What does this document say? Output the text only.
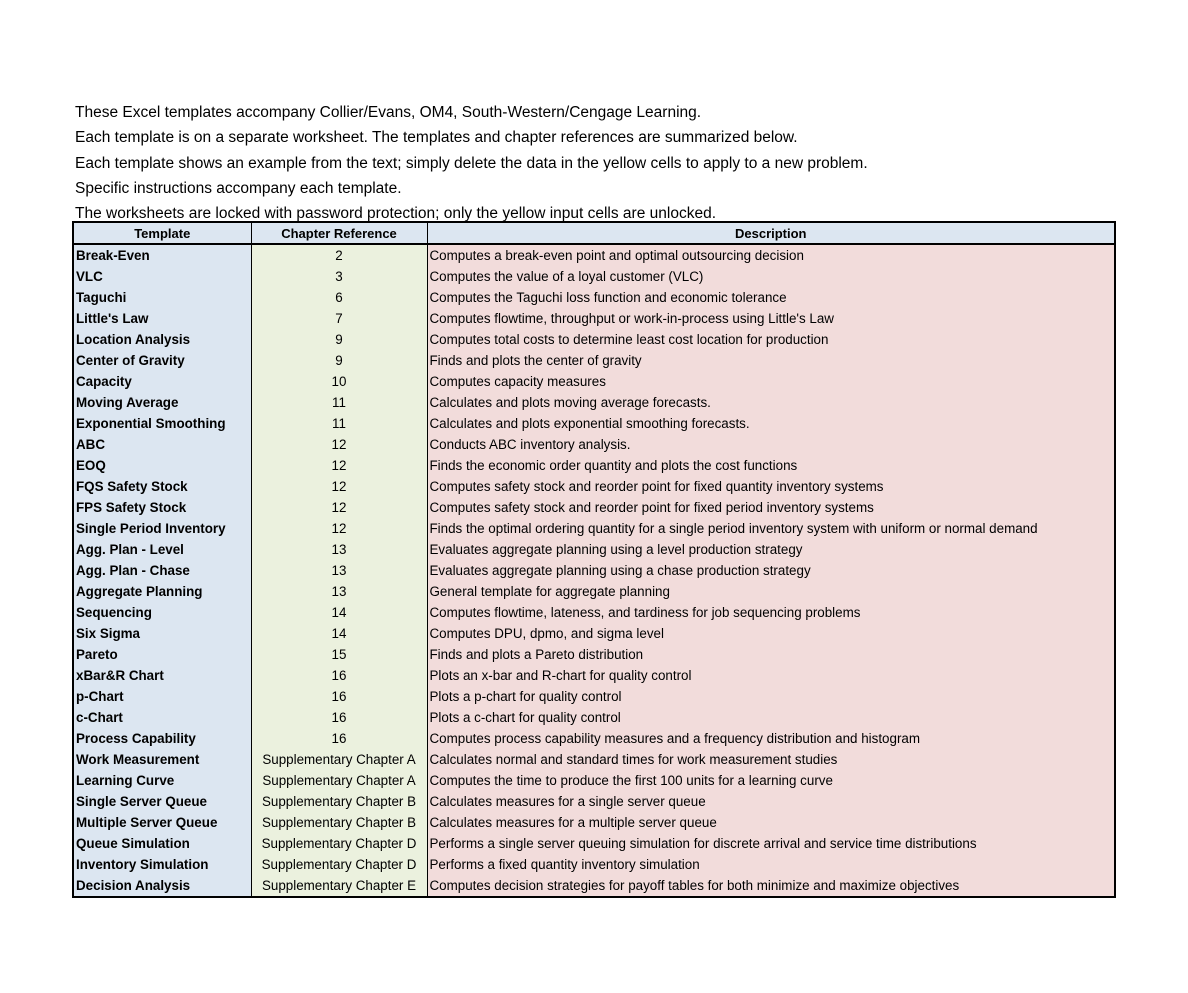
These Excel templates accompany Collier/Evans, OM4, South-Western/Cengage Learning.
Each template is on a separate worksheet. The templates and chapter references are summarized below.
Each template shows an example from the text; simply delete the data in the yellow cells to apply to a new problem.
Specific instructions accompany each template.
The worksheets are locked with password protection; only the yellow input cells are unlocked.
Template	Chapter Reference	Description
Break-Even	2	Computes a break-even point and optimal outsourcing decision
VLC	3	Computes the value of a loyal customer (VLC)
Taguchi	6	Computes the Taguchi loss function and economic tolerance
Little's Law	7	Computes flowtime, throughput or work-in-process using Little's Law
Location Analysis	9	Computes total costs to determine least cost location for production
Center of Gravity	9	Finds and plots the center of gravity
Capacity	10	Computes capacity measures
Moving Average	11	Calculates and plots moving average forecasts.
Exponential Smoothing	11	Calculates and plots exponential smoothing forecasts.
ABC	12	Conducts ABC inventory analysis.
EOQ	12	Finds the economic order quantity and plots the cost functions
FQS Safety Stock	12	Computes safety stock and reorder point for fixed quantity inventory systems
FPS Safety Stock	12	Computes safety stock and reorder point for fixed period inventory systems
Single Period Inventory	12	Finds the optimal ordering quantity for a single period inventory system with uniform or normal demand
Agg. Plan - Level	13	Evaluates aggregate planning using a level production strategy
Agg. Plan - Chase	13	Evaluates aggregate planning using a chase production strategy
Aggregate Planning	13	General template for aggregate planning
Sequencing	14	Computes flowtime, lateness, and tardiness for job sequencing problems
Six Sigma	14	Computes DPU, dpmo, and sigma level
Pareto	15	Finds and plots a Pareto distribution
xBar&R Chart	16	Plots an x-bar and R-chart for quality control
p-Chart	16	Plots a p-chart for quality control
c-Chart	16	Plots a c-chart for quality control
Process Capability	16	Computes process capability measures and a frequency distribution and histogram
Work Measurement	Supplementary Chapter A	Calculates normal and standard times for work measurement studies
Learning Curve	Supplementary Chapter A	Computes the time to produce the first 100 units for a learning curve
Single Server Queue	Supplementary Chapter B	Calculates measures for a single server queue
Multiple Server Queue	Supplementary Chapter B	Calculates measures for a multiple server queue
Queue Simulation	Supplementary Chapter D	Performs a single server queuing simulation for discrete arrival and service time distributions
Inventory Simulation	Supplementary Chapter D	Performs a fixed quantity inventory simulation
Decision Analysis	Supplementary Chapter E	Computes decision strategies for payoff tables for both minimize and maximize objectives
